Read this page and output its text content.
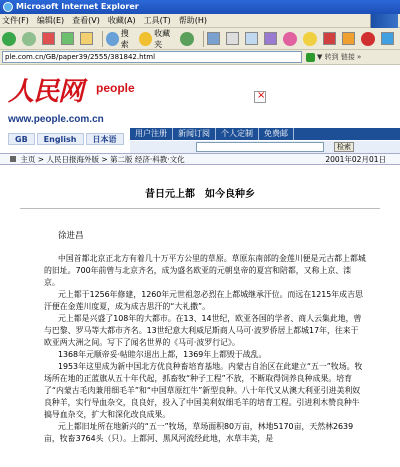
Microsoft Internet Explorer
文件(F) 编辑(E) 查看(V) 收藏(A) 工具(T) 帮助(H)
搜索
收藏夹
ple.com.cn/GB/paper39/2555/381842.html	▼ 转到 链接 »
人民网 people
www.people.com.cn
×
GB	English	日本语
用户注册	新闻订阅	个人定制	免费邮
检索
主页 > 人民日报海外版 > 第二版 经济·科教·文化	2001年02月01日
昔日元上都　如今良种乡
徐进昌

中国首都北京正北方有着几十万平方公里的草原。草原东南部的金莲川便是元古都上都城的旧址。700年前曾与北京齐名，成为盛名欧亚的元朝皇帝的夏宫和陪都，又称上京、滦京。

元上都于1256年修建，1260年元世祖忽必烈在上都城继承汗位。而远在1215年成吉思汗便在金莲川度夏，成为成吉思汗的“大礼撒”。

元上都是兴盛了108年的大都市。在13、14世纪，欧亚各国的学者、商人云集此地，曾与巴黎、罗马等大都市齐名。13世纪意大利威尼斯商人马可·波罗侨居上都城17年，往来于欧亚两大洲之间。写下了闻名世界的《马可·波罗行记》。

1368年元顺帝妥·帖睦尔退出上都，1369年上都毁于战乱。

1953年这里成为新中国北方优良种畜培育基地。内蒙古自治区在此建立“五一”牧场。牧场所在地的正蓝旗从五十年代起，抓畜牧“种子工程”不放，不断取得饲养良种成果。培育了“内蒙古毛肉兼用细毛羊”和“中国草原红牛”新型良种。八十年代又从澳大利亚引进美利奴良种羊，实行导血杂交，良良好，投入了中国美利奴细毛羊的培育工程。引进利木赞良种牛搞导血杂交，扩大和深化改良成果。

元上都旧址所在地新兴的“五一”牧场，草场面积80万亩，林地5170亩，天然林2639亩，牧畜3764头（只）。上都河、黑风河流经此地，水草丰美，是
